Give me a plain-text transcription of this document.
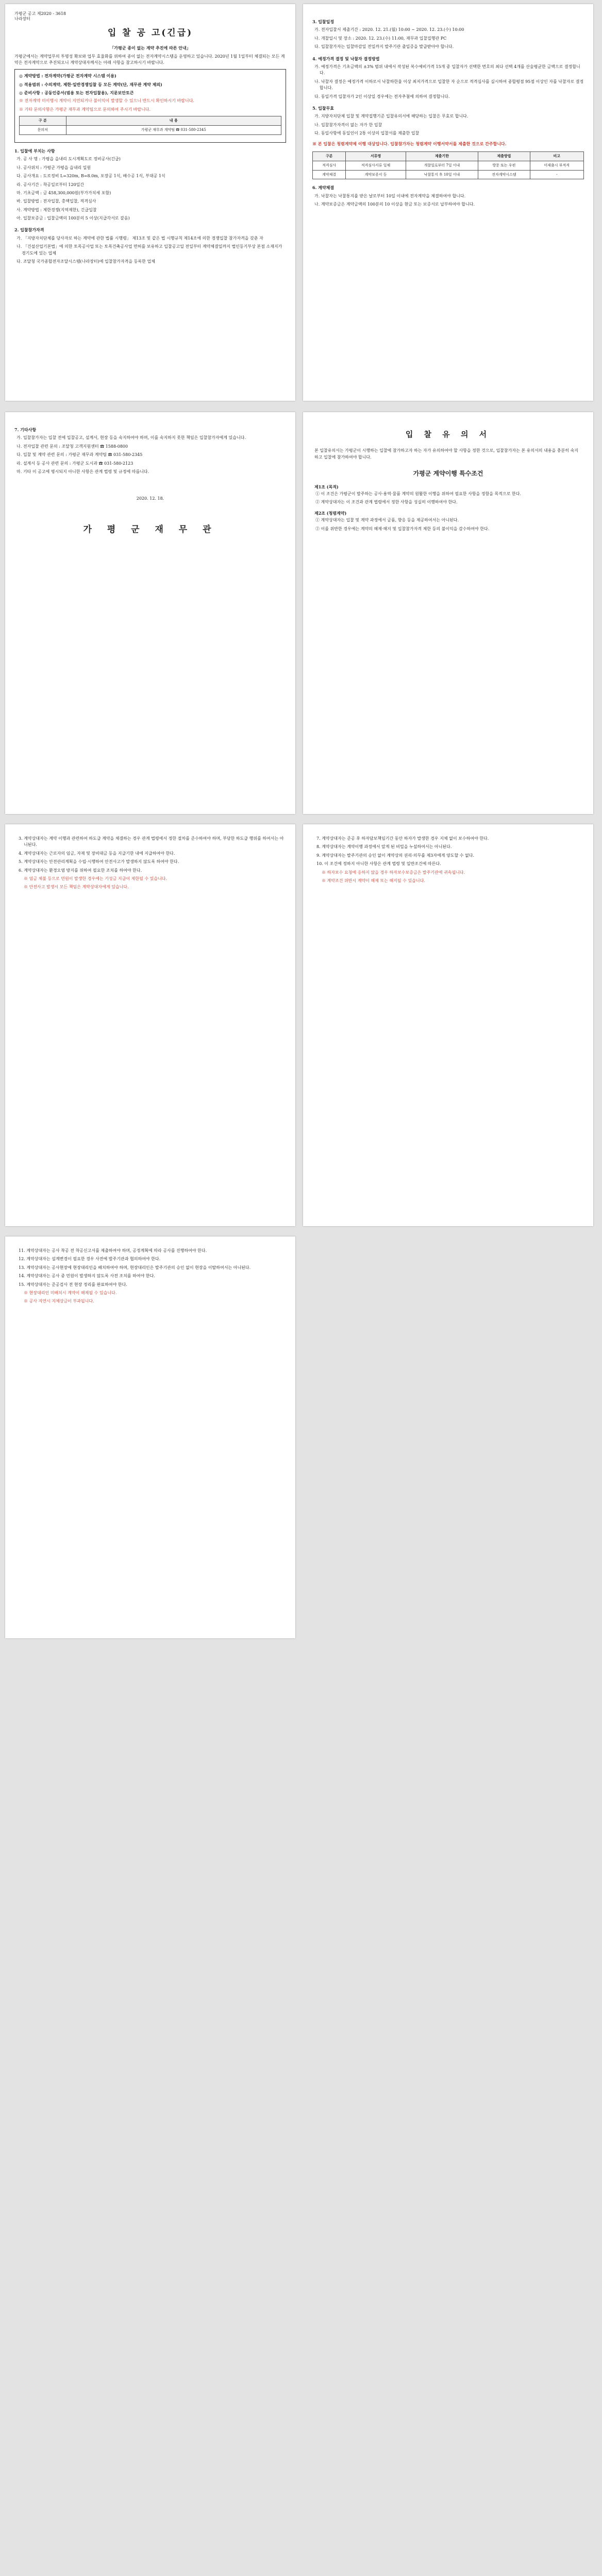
가평군 공고 제2020 - 3618
나라장터
입 찰 공 고(긴급)
「가평군 종이 없는 계약 추진에 따른 안내」

가평군에서는 계약업무의 투명성 확보와 업무 효율화를 위하여 종이 없는 전자계약시스템을 운영하고 있습니다. 2020년 1월 1일부터 체결되는 모든 계약은 전자계약으로 추진되오니 계약상대자께서는 아래 사항을 참고하시기 바랍니다.

◎ 계약방법 : 전자계약(가평군 전자계약 시스템 이용)

◎ 적용범위 : 수의계약, 제한·일반경쟁입찰 등 모든 계약(단, 재무관 계약 제외)

◎ 준비사항 : 공동인증서(범용 또는 전자입찰용), 지문보안토큰

※ 전자계약 미이행시 계약이 지연되거나 불이익이 발생할 수 있으니 반드시 확인하시기 바랍니다.

※ 기타 문의사항은 가평군 재무과 계약팀으로 문의하여 주시기 바랍니다.

구 분	내 용
문의처	가평군 재무과 계약팀 ☎ 031-580-2345
1. 입찰에 부치는 사항

가. 공 사 명 : 가평읍 읍내리 도시계획도로 정비공사(긴급)

나. 공사위치 : 가평군 가평읍 읍내리 일원

다. 공사개요 : 도로정비 L=320m, B=8.0m, 포장공 1식, 배수공 1식, 부대공 1식

라. 공사기간 : 착공일로부터 120일간

마. 기초금액 : 금 458,300,000원(부가가치세 포함)

바. 입찰방법 : 전자입찰, 총액입찰, 적격심사

사. 계약방법 : 제한경쟁(지역제한), 긴급입찰

아. 입찰보증금 : 입찰금액의 100분의 5 이상(지급각서로 갈음)

2. 입찰참가자격

가. 「지방자치단체를 당사자로 하는 계약에 관한 법률 시행령」 제13조 및 같은 법 시행규칙 제14조에 의한 경쟁입찰 참가자격을 갖춘 자

나. 「건설산업기본법」에 의한 토목공사업 또는 토목건축공사업 면허를 보유하고 입찰공고일 전일부터 계약체결일까지 법인등기부상 본점 소재지가 경기도에 있는 업체

다. 조달청 국가종합전자조달시스템(나라장터)에 입찰참가자격을 등록한 업체

3. 입찰일정

가. 전자입찰서 제출기간 : 2020. 12. 21.(월) 10:00 ~ 2020. 12. 23.(수) 10:00

나. 개찰일시 및 장소 : 2020. 12. 23.(수) 11:00, 재무과 입찰집행관 PC

다. 입찰참가자는 입찰마감일 전일까지 발주기관 출입증을 발급받아야 합니다.

4. 예정가격 결정 및 낙찰자 결정방법

가. 예정가격은 기초금액의 ±3% 범위 내에서 작성된 복수예비가격 15개 중 입찰자가 선택한 번호의 최다 선택 4개를 산술평균한 금액으로 결정합니다.

나. 낙찰자 결정은 예정가격 이하로서 낙찰하한율 이상 최저가격으로 입찰한 자 순으로 적격심사를 실시하여 종합평점 95점 이상인 자를 낙찰자로 결정합니다.

다. 동일가격 입찰자가 2인 이상일 경우에는 전자추첨에 의하여 결정합니다.

5. 입찰무효

가. 지방자치단체 입찰 및 계약집행기준 입찰유의서에 해당하는 입찰은 무효로 합니다.

나. 입찰참가자격이 없는 자가 한 입찰

다. 동일사항에 동일인이 2통 이상의 입찰서를 제출한 입찰

※ 본 입찰은 청렴계약제 이행 대상입니다. 입찰참가자는 청렴계약 이행서약서를 제출한 것으로 간주합니다.

구분	서류명	제출기한	제출방법	비고
적격심사	적격심사서류 일체	개찰일로부터 7일 이내	방문 또는 우편	미제출시 부적격
계약체결	계약보증서 등	낙찰통지 후 10일 이내	전자계약시스템	-
6. 계약체결

가. 낙찰자는 낙찰통지를 받은 날로부터 10일 이내에 전자계약을 체결하여야 합니다.

나. 계약보증금은 계약금액의 100분의 10 이상을 현금 또는 보증서로 납부하여야 합니다.

7. 기타사항

가. 입찰참가자는 입찰 전에 입찰공고, 설계서, 현장 등을 숙지하여야 하며, 이를 숙지하지 못한 책임은 입찰참가자에게 있습니다.

나. 전자입찰 관련 문의 : 조달청 고객지원센터 ☎ 1588-0800

다. 입찰 및 계약 관련 문의 : 가평군 재무과 계약팀 ☎ 031-580-2345

라. 설계서 등 공사 관련 문의 : 가평군 도시과 ☎ 031-580-2123

마. 기타 이 공고에 명시되지 아니한 사항은 관계 법령 및 규정에 따릅니다.

2020. 12. 18.
가 평 군 재 무 관
입 찰 유 의 서

본 입찰유의서는 가평군이 시행하는 입찰에 참가하고자 하는 자가 유의하여야 할 사항을 정한 것으로, 입찰참가자는 본 유의서의 내용을 충분히 숙지하고 입찰에 참가하여야 합니다.

가평군 계약이행 특수조건
제1조 (목적)

① 이 조건은 가평군이 발주하는 공사·용역·물품 계약의 원활한 이행을 위하여 필요한 사항을 정함을 목적으로 한다.

② 계약상대자는 이 조건과 관계 법령에서 정한 사항을 성실히 이행하여야 한다.

제2조 (청렴계약)

① 계약상대자는 입찰 및 계약 과정에서 금품, 향응 등을 제공하여서는 아니된다.

② 이를 위반한 경우에는 계약의 해제·해지 및 입찰참가자격 제한 등의 불이익을 감수하여야 한다.

3. 계약상대자는 계약 이행과 관련하여 하도급 계약을 체결하는 경우 관계 법령에서 정한 절차를 준수하여야 하며, 부당한 하도급 행위를 하여서는 아니된다.

4. 계약상대자는 근로자의 임금, 자재 및 장비대금 등을 지급기한 내에 지급하여야 한다.

5. 계약상대자는 안전관리계획을 수립·시행하여 안전사고가 발생하지 않도록 하여야 한다.

6. 계약상대자는 환경오염 방지를 위하여 필요한 조치를 하여야 한다.

※ 임금 체불 등으로 민원이 발생한 경우에는 기성금 지급이 제한될 수 있습니다.

※ 안전사고 발생시 모든 책임은 계약상대자에게 있습니다.

7. 계약상대자는 준공 후 하자담보책임기간 동안 하자가 발생한 경우 지체 없이 보수하여야 한다.

8. 계약상대자는 계약이행 과정에서 알게 된 비밀을 누설하여서는 아니된다.

9. 계약상대자는 발주기관의 승인 없이 계약상의 권리·의무를 제3자에게 양도할 수 없다.

10. 이 조건에 정하지 아니한 사항은 관계 법령 및 일반조건에 따른다.

※ 하자보수 요청에 응하지 않을 경우 하자보수보증금은 발주기관에 귀속됩니다.

※ 계약조건 위반시 계약이 해제 또는 해지될 수 있습니다.

11. 계약상대자는 공사 착공 전 착공신고서를 제출하여야 하며, 공정계획에 따라 공사를 진행하여야 한다.

12. 계약상대자는 설계변경이 필요한 경우 사전에 발주기관과 협의하여야 한다.

13. 계약상대자는 공사현장에 현장대리인을 배치하여야 하며, 현장대리인은 발주기관의 승인 없이 현장을 이탈하여서는 아니된다.

14. 계약상대자는 공사 중 민원이 발생하지 않도록 사전 조치를 하여야 한다.

15. 계약상대자는 준공검사 전 현장 정리를 완료하여야 한다.

※ 현장대리인 미배치시 계약이 해제될 수 있습니다.

※ 공사 지연시 지체상금이 부과됩니다.
